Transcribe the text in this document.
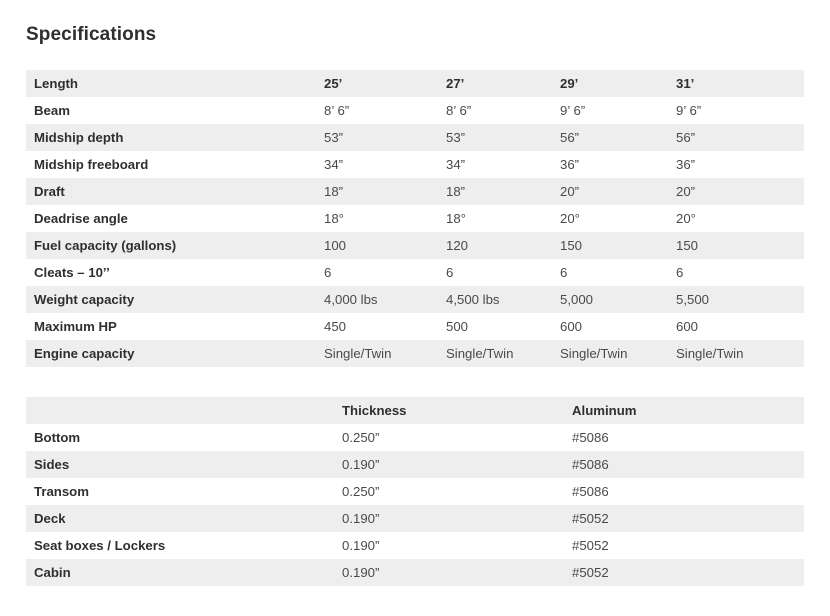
Specifications
Length	25’	27’	29’	31’
Beam	8’ 6”	8’ 6”	9’ 6”	9’ 6”
Midship depth	53”	53”	56”	56”
Midship freeboard	34”	34”	36”	36”
Draft	18”	18”	20”	20”
Deadrise angle	18°	18°	20°	20°
Fuel capacity (gallons)	100	120	150	150
Cleats – 10’’	6	6	6	6
Weight capacity	4,000 lbs	4,500 lbs	5,000	5,500
Maximum HP	450	500	600	600
Engine capacity	Single/Twin	Single/Twin	Single/Twin	Single/Twin
	Thickness	Aluminum
Bottom	0.250”	#5086
Sides	0.190”	#5086
Transom	0.250”	#5086
Deck	0.190”	#5052
Seat boxes / Lockers	0.190”	#5052
Cabin	0.190”	#5052
